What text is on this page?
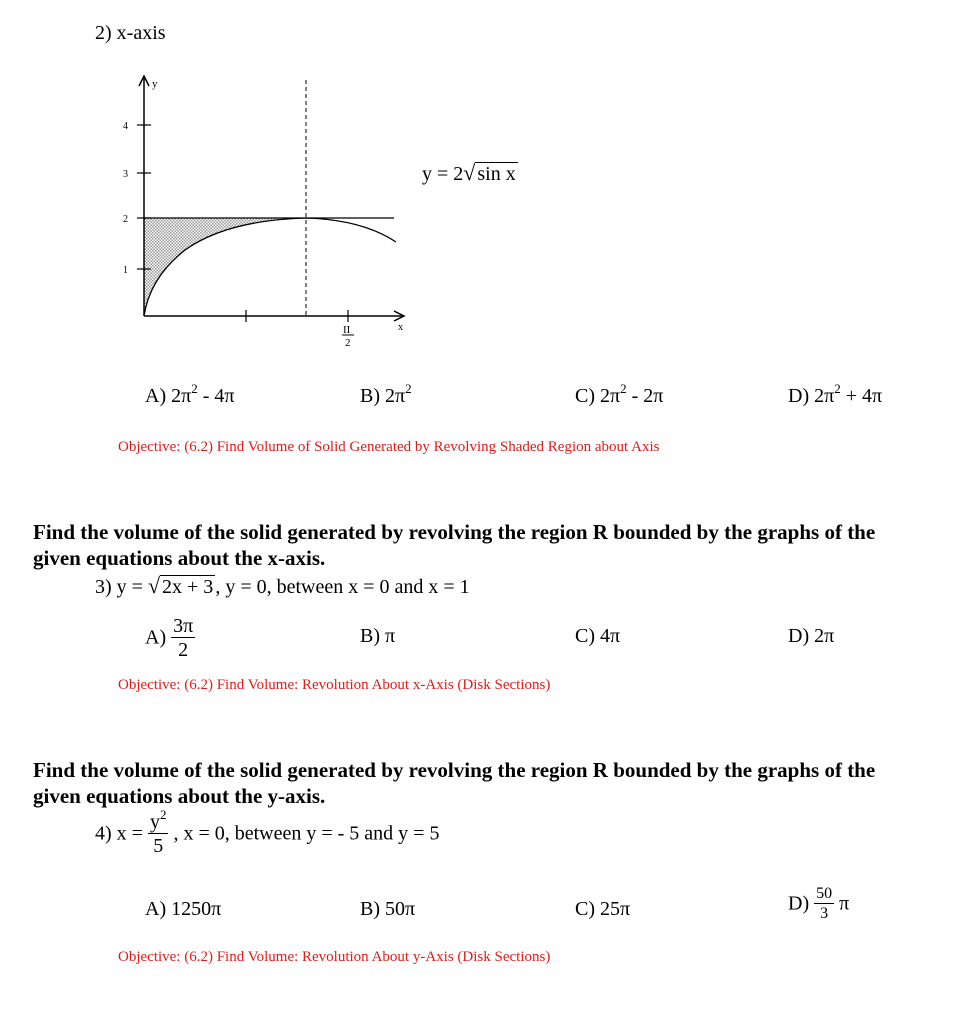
2) x-axis
y
x
1
2
3
4
II
2
y = 2√ sin x
A) $2\pi^2 - 4\pi$	B) $2\pi^2$	C) $2\pi^2 - 2\pi$	D) $2\pi^2 + 4\pi$
Objective: (6.2) Find Volume of Solid Generated by Revolving Shaded Region about Axis
Find the volume of the solid generated by revolving the region R bounded by the graphs of the
given equations about the x-axis.
3) y = √ 2x + 3 , y = 0, between x = 0 and x = 1
$A) \frac{3\pi}{2}$	B) π	C) 4π	D) 2π
Objective: (6.2) Find Volume: Revolution About x-Axis (Disk Sections)
Find the volume of the solid generated by revolving the region R bounded by the graphs of the
given equations about the y-axis.
4) $x = \frac{y^2}{5}$ , x = 0, between y = - 5 and y = 5
A) 1250π	B) 50π	C) 25π	$D) \frac{50}{3}$ π
Objective: (6.2) Find Volume: Revolution About y-Axis (Disk Sections)
